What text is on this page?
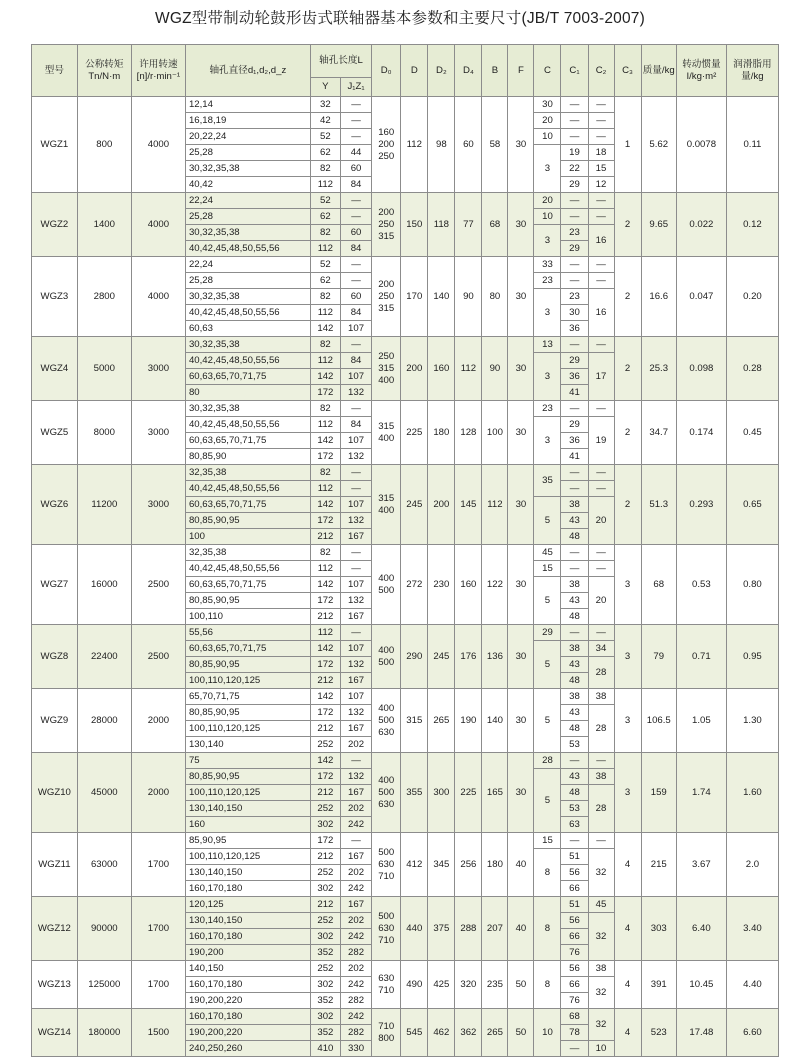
WGZ型带制动轮鼓形齿式联轴器基本参数和主要尺寸(JB/T 7003-2007)
型号	公称转矩Tn/N·m	许用转速[n]/r·min⁻¹	轴孔直径d₁,d₂,d_z	轴孔长度L		D₀	D	D₂	D₄	B	F	C	C₁	C₂	C₃	质量/kg	转动惯量I/kg·m²	润滑脂用量/kg
				Y	J₁Z₁													
WGZ1	800	4000	12,14	32	—	160 200 250	112	98	60	58	30	30	—	—	1	5.62	0.0078	0.11
			16,18,19	42	—							20	—	—				
			20,22,24	52	—							10	—	—				
			25,28	62	44							3	19	18				
			30,32,35,38	82	60								22	15				
			40,42	112	84								29	12				
WGZ2	1400	4000	22,24	52	—	200 250 315	150	118	77	68	30	20	—	—	2	9.65	0.022	0.12
			25,28	62	—							10	—	—				
			30,32,35,38	82	60							3	23	16				
			40,42,45,48,50,55,56	112	84								29					
WGZ3	2800	4000	22,24	52	—	200 250 315	170	140	90	80	30	33	—	—	2	16.6	0.047	0.20
			25,28	62	—							23	—	—				
			30,32,35,38	82	60							3	23	16				
			40,42,45,48,50,55,56	112	84								30					
			60,63	142	107								36					
WGZ4	5000	3000	30,32,35,38	82	—	250 315 400	200	160	112	90	30	13	—	—	2	25.3	0.098	0.28
			40,42,45,48,50,55,56	112	84							3	29	17				
			60,63,65,70,71,75	142	107								36					
			80	172	132								41					
WGZ5	8000	3000	30,32,35,38	82	—	315 400	225	180	128	100	30	23	—	—	2	34.7	0.174	0.45
			40,42,45,48,50,55,56	112	84							3	29	19				
			60,63,65,70,71,75	142	107								36					
			80,85,90	172	132								41					
WGZ6	11200	3000	32,35,38	82	—	315 400	245	200	145	112	30	35	—	—	2	51.3	0.293	0.65
			40,42,45,48,50,55,56	112	—								—	—				
			60,63,65,70,71,75	142	107							5	38	20				
			80,85,90,95	172	132								43					
			100	212	167								48					
WGZ7	16000	2500	32,35,38	82	—	400 500	272	230	160	122	30	45	—	—	3	68	0.53	0.80
			40,42,45,48,50,55,56	112	—							15	—	—				
			60,63,65,70,71,75	142	107							5	38	20				
			80,85,90,95	172	132								43					
			100,110	212	167								48					
WGZ8	22400	2500	55,56	112	—	400 500	290	245	176	136	30	29	—	—	3	79	0.71	0.95
			60,63,65,70,71,75	142	107							5	38	34				
			80,85,90,95	172	132								43	28				
			100,110,120,125	212	167								48					
WGZ9	28000	2000	65,70,71,75	142	107	400 500 630	315	265	190	140	30	5	38	38	3	106.5	1.05	1.30
			80,85,90,95	172	132								43	28				
			100,110,120,125	212	167								48					
			130,140	252	202								53					
WGZ10	45000	2000	75	142	—	400 500 630	355	300	225	165	30	28	—	—	3	159	1.74	1.60
			80,85,90,95	172	132							5	43	38				
			100,110,120,125	212	167								48	28				
			130,140,150	252	202								53					
			160	302	242								63					
WGZ11	63000	1700	85,90,95	172	—	500 630 710	412	345	256	180	40	15	—	—	4	215	3.67	2.0
			100,110,120,125	212	167							8	51	32				
			130,140,150	252	202								56					
			160,170,180	302	242								66					
WGZ12	90000	1700	120,125	212	167	500 630 710	440	375	288	207	40	8	51	45	4	303	6.40	3.40
			130,140,150	252	202								56	32				
			160,170,180	302	242								66					
			190,200	352	282								76					
WGZ13	125000	1700	140,150	252	202	630 710	490	425	320	235	50	8	56	38	4	391	10.45	4.40
			160,170,180	302	242								66	32				
			190,200,220	352	282								76					
WGZ14	180000	1500	160,170,180	302	242	710 800	545	462	362	265	50	10	68	32	4	523	17.48	6.60
			190,200,220	352	282								78					
			240,250,260	410	330								—	10				
